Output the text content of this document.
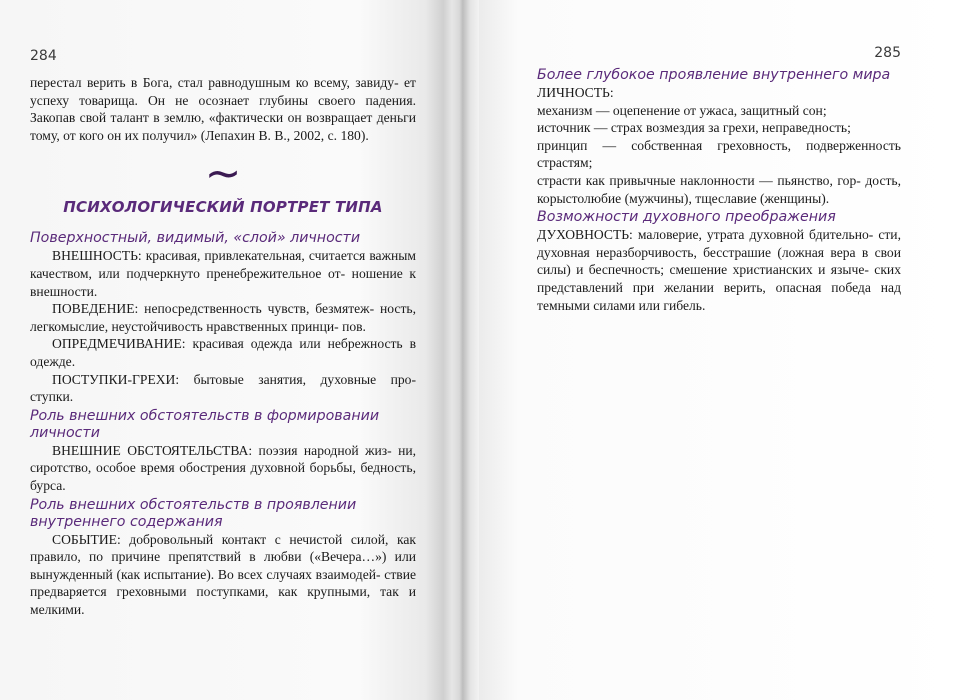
284

перестал верить в Бога, стал равнодушным ко всему, завиду- ет успеху товарища. Он не осознает глубины своего падения. Закопав свой талант в землю, «фактически он возвращает деньги тому, от кого он их получил» (Лепахин В. В., 2002, с. 180).

~
ПСИХОЛОГИЧЕСКИЙ ПОРТРЕТ ТИПА
Поверхностный, видимый, «слой» личности

ВНЕШНОСТЬ: красивая, привлекательная, считается важным качеством, или подчеркнуто пренебрежительное от- ношение к внешности.

ПОВЕДЕНИЕ: непосредственность чувств, безмятеж- ность, легкомыслие, неустойчивость нравственных принци- пов.

ОПРЕДМЕЧИВАНИЕ: красивая одежда или небрежность в одежде.

ПОСТУПКИ-ГРЕХИ: бытовые занятия, духовные про- ступки.

Роль внешних обстоятельств в формировании личности

ВНЕШНИЕ ОБСТОЯТЕЛЬСТВА: поэзия народной жиз- ни, сиротство, особое время обострения духовной борьбы, бедность, бурса.

Роль внешних обстоятельств в проявлении внутреннего содержания

СОБЫТИЕ: добровольный контакт с нечистой силой, как правило, по причине препятствий в любви («Вечера…») или вынужденный (как испытание). Во всех случаях взаимодей- ствие предваряется греховными поступками, как крупными, так и мелкими.

285
Более глубокое проявление внутреннего мира

ЛИЧНОСТЬ:

механизм — оцепенение от ужаса, защитный сон;

источник — страх возмездия за грехи, неправедность;

принцип — собственная греховность, подверженность страстям;

страсти как привычные наклонности — пьянство, гор- дость, корыстолюбие (мужчины), тщеславие (женщины).

Возможности духовного преображения

ДУХОВНОСТЬ: маловерие, утрата духовной бдительно- сти, духовная неразборчивость, бесстрашие (ложная вера в свои силы) и беспечность; смешение христианских и языче- ских представлений при желании верить, опасная победа над темными силами или гибель.
